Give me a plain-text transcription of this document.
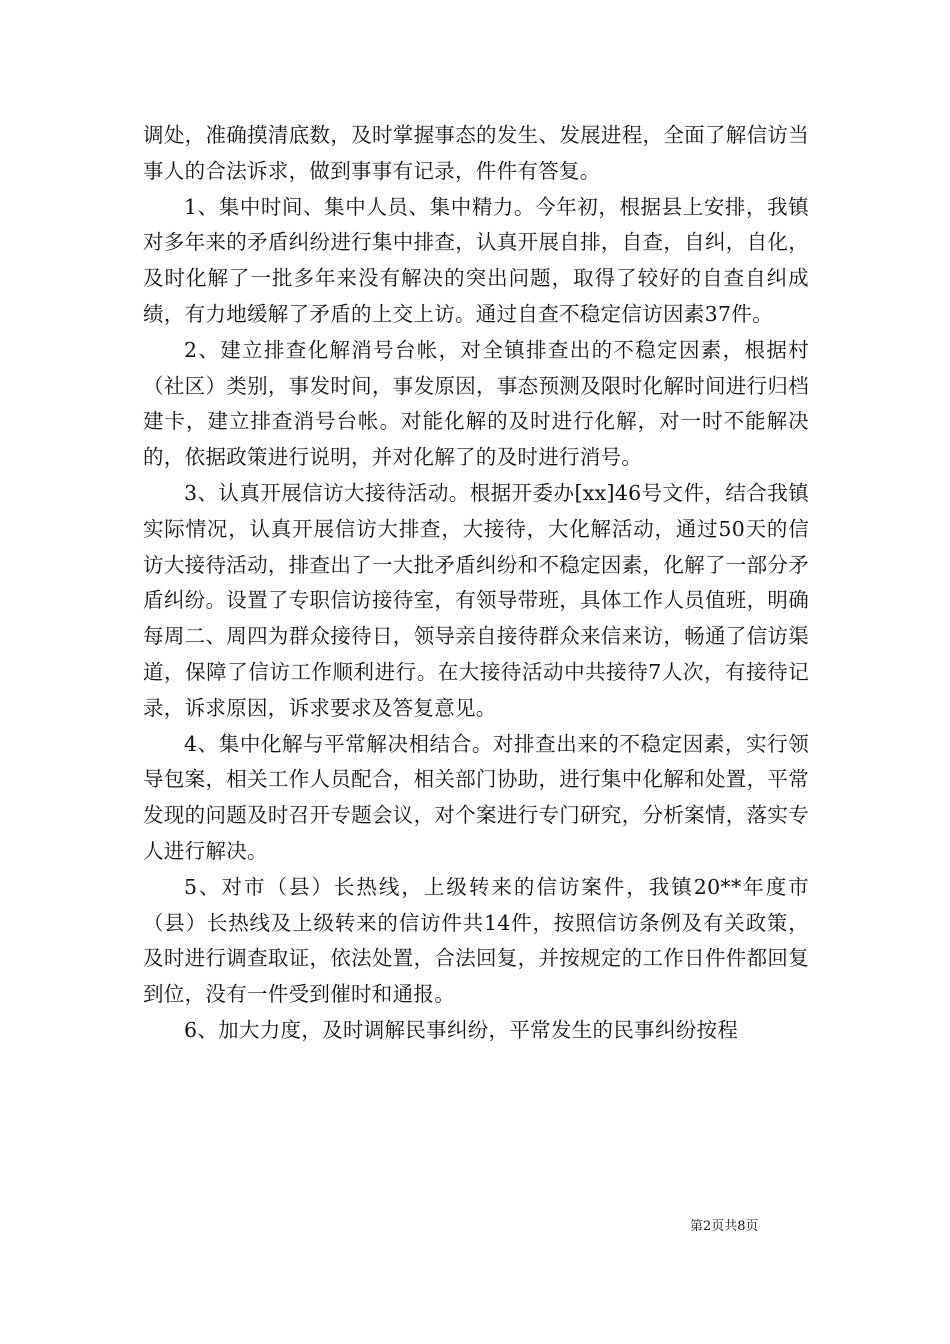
调处，准确摸清底数，及时掌握事态的发生、发展进程，全面了解信访当事人的合法诉求，做到事事有记录，件件有答复。

1、集中时间、集中人员、集中精力。今年初，根据县上安排，我镇对多年来的矛盾纠纷进行集中排查，认真开展自排，自查，自纠，自化，及时化解了一批多年来没有解决的突出问题，取得了较好的自查自纠成绩，有力地缓解了矛盾的上交上访。通过自查不稳定信访因素37件。

2、建立排查化解消号台帐，对全镇排查出的不稳定因素，根据村（社区）类别，事发时间，事发原因，事态预测及限时化解时间进行归档建卡，建立排查消号台帐。对能化解的及时进行化解，对一时不能解决的，依据政策进行说明，并对化解了的及时进行消号。

3、认真开展信访大接待活动。根据开委办[xx]46号文件，结合我镇实际情况，认真开展信访大排查，大接待，大化解活动，通过50天的信访大接待活动，排查出了一大批矛盾纠纷和不稳定因素，化解了一部分矛盾纠纷。设置了专职信访接待室，有领导带班，具体工作人员值班，明确每周二、周四为群众接待日，领导亲自接待群众来信来访，畅通了信访渠道，保障了信访工作顺利进行。在大接待活动中共接待7人次，有接待记录，诉求原因，诉求要求及答复意见。

4、集中化解与平常解决相结合。对排查出来的不稳定因素，实行领导包案，相关工作人员配合，相关部门协助，进行集中化解和处置，平常发现的问题及时召开专题会议，对个案进行专门研究，分析案情，落实专人进行解决。

5、对市（县）长热线，上级转来的信访案件，我镇20**年度市（县）长热线及上级转来的信访件共14件，按照信访条例及有关政策，及时进行调查取证，依法处置，合法回复，并按规定的工作日件件都回复到位，没有一件受到催时和通报。

6、加大力度，及时调解民事纠纷，平常发生的民事纠纷按程

第2页共8页
